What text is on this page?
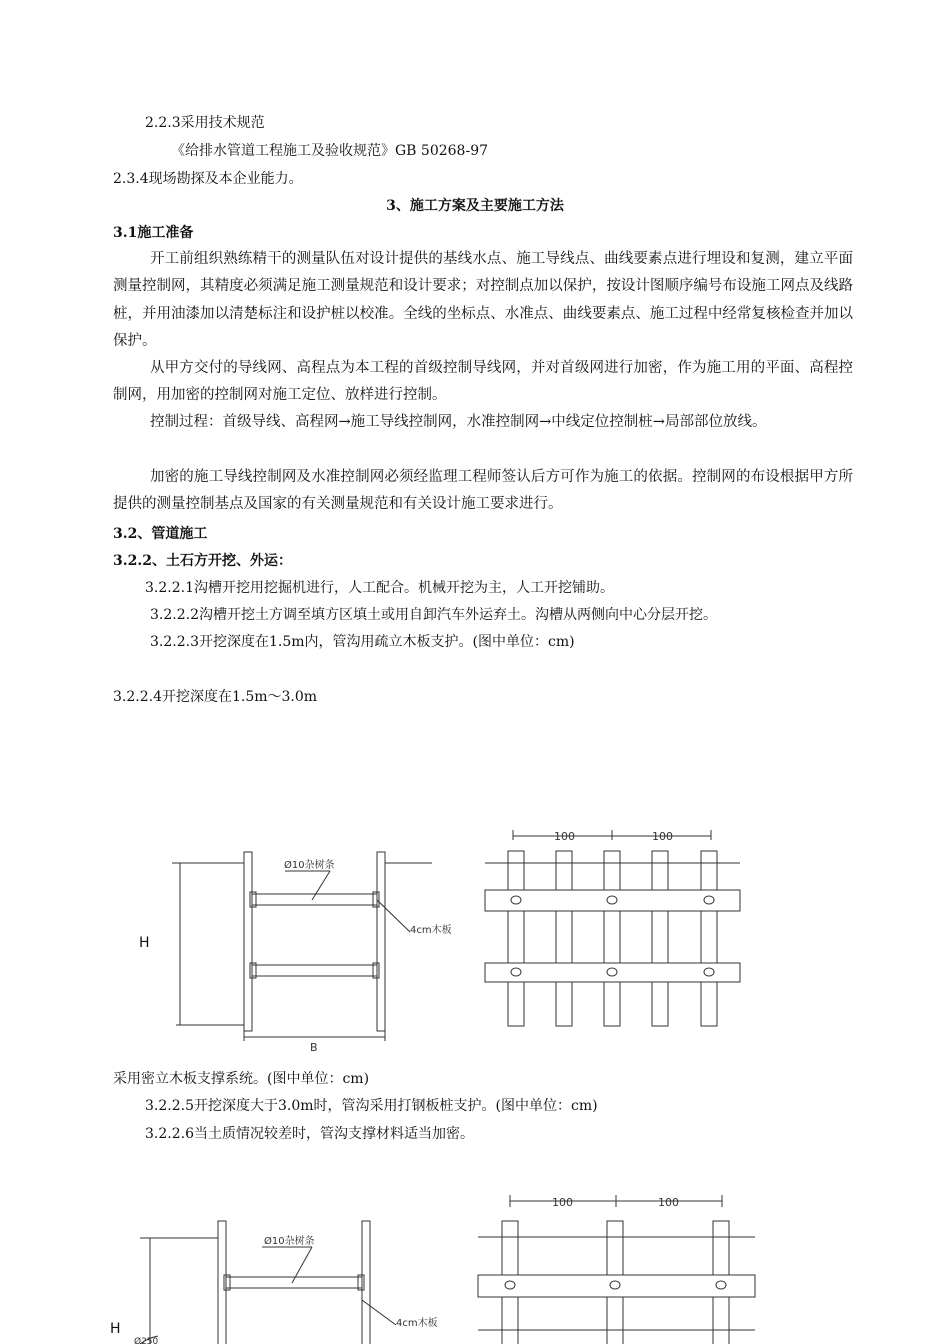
2.2.3采用技术规范
《给排水管道工程施工及验收规范》GB 50268-97
2.3.4现场勘探及本企业能力。
3、施工方案及主要施工方法
3.1施工准备
开工前组织熟练精干的测量队伍对设计提供的基线水点、施工导线点、曲线要素点进行埋设和复测，建立平面测量控制网，其精度必须满足施工测量规范和设计要求；对控制点加以保护，按设计图顺序编号布设施工网点及线路桩，并用油漆加以清楚标注和设护桩以校准。全线的坐标点、水准点、曲线要素点、施工过程中经常复核检查并加以保护。
从甲方交付的导线网、高程点为本工程的首级控制导线网，并对首级网进行加密，作为施工用的平面、高程控制网，用加密的控制网对施工定位、放样进行控制。
控制过程：首级导线、高程网→施工导线控制网，水准控制网→中线定位控制桩→局部部位放线。
加密的施工导线控制网及水准控制网必须经监理工程师签认后方可作为施工的依据。控制网的布设根据甲方所提供的测量控制基点及国家的有关测量规范和有关设计施工要求进行。
3.2、管道施工
3.2.2、土石方开挖、外运：
3.2.2.1沟槽开挖用挖掘机进行，人工配合。机械开挖为主，人工开挖铺助。
3.2.2.2沟槽开挖土方调至填方区填土或用自卸汽车外运弃土。沟槽从两侧向中心分层开挖。
3.2.2.3开挖深度在1.5m内，管沟用疏立木板支护。(图中单位：cm)
3.2.2.4开挖深度在1.5m～3.0m
H
B
Ø10杂树条
4cm木板
100	100
采用密立木板支撑系统。(图中单位：cm)
3.2.2.5开挖深度大于3.0m时，管沟采用打钢板桩支护。(图中单位：cm)
3.2.2.6当土质情况较差时，管沟支撑材料适当加密。
H
Ø10杂树条
4cm木板
Ø250
100	100
